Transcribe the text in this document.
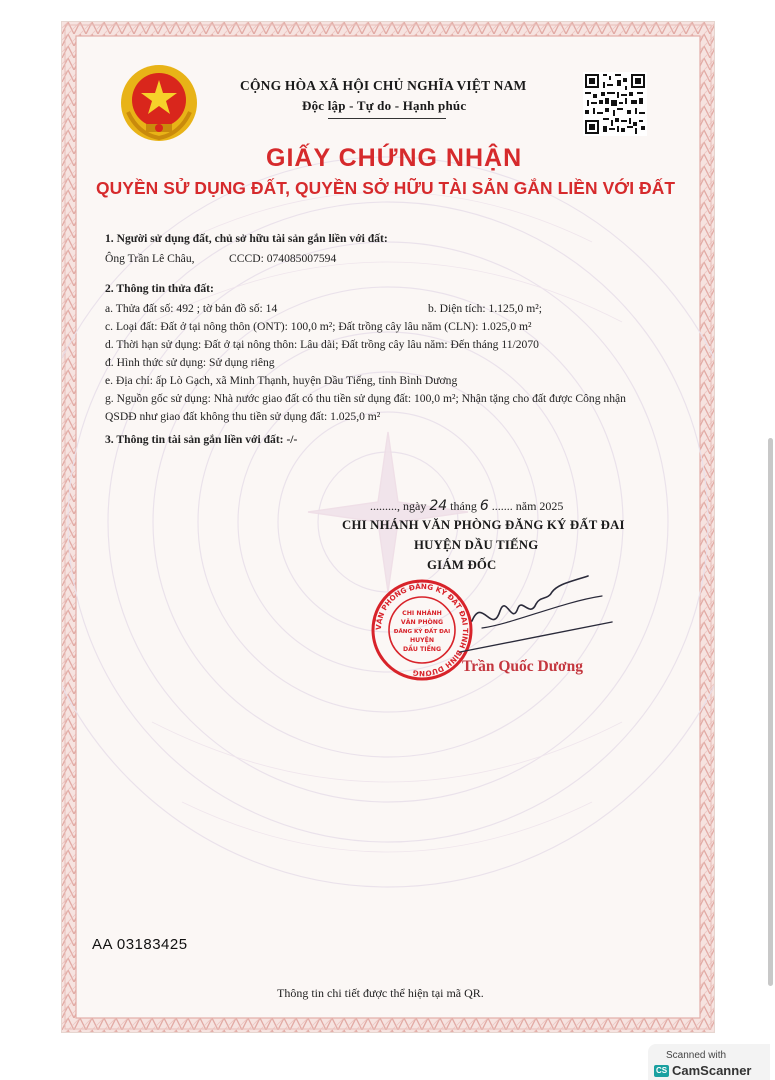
CỘNG HÒA XÃ HỘI CHỦ NGHĨA VIỆT NAM
Độc lập - Tự do - Hạnh phúc
GIẤY CHỨNG NHẬN
QUYỀN SỬ DỤNG ĐẤT, QUYỀN SỞ HỮU TÀI SẢN GẮN LIỀN VỚI ĐẤT
1. Người sử dụng đất, chủ sở hữu tài sản gắn liền với đất:
Ông Trần Lê Châu,	CCCD: 074085007594
2. Thông tin thửa đất:
a. Thửa đất số: 492 ; tờ bản đồ số: 14	b. Diện tích: 1.125,0 m²;
c. Loại đất: Đất ở tại nông thôn (ONT): 100,0 m²; Đất trồng cây lâu năm (CLN): 1.025,0 m²
d. Thời hạn sử dụng: Đất ở tại nông thôn: Lâu dài; Đất trồng cây lâu năm: Đến tháng 11/2070
đ. Hình thức sử dụng: Sử dụng riêng
e. Địa chỉ: ấp Lò Gạch, xã Minh Thạnh, huyện Dầu Tiếng, tỉnh Bình Dương
g. Nguồn gốc sử dụng: Nhà nước giao đất có thu tiền sử dụng đất: 100,0 m²; Nhận tặng cho đất được Công nhận
QSDĐ như giao đất không thu tiền sử dụng đất: 1.025,0 m²
3. Thông tin tài sản gắn liền với đất: -/-
........., ngày 24 tháng 6 ....... năm 2025
CHI NHÁNH VĂN PHÒNG ĐĂNG KÝ ĐẤT ĐAI
HUYỆN DẦU TIẾNG
GIÁM ĐỐC
VĂN PHÒNG ĐĂNG KÝ ĐẤT ĐAI TỈNH BÌNH DƯƠNG
CHI NHÁNH
VĂN PHÒNG
ĐĂNG KÝ ĐẤT ĐAI
HUYỆN
DẦU TIẾNG
Trần Quốc Dương
AA 03183425
Thông tin chi tiết được thể hiện tại mã QR.
Scanned with
CS CamScanner
